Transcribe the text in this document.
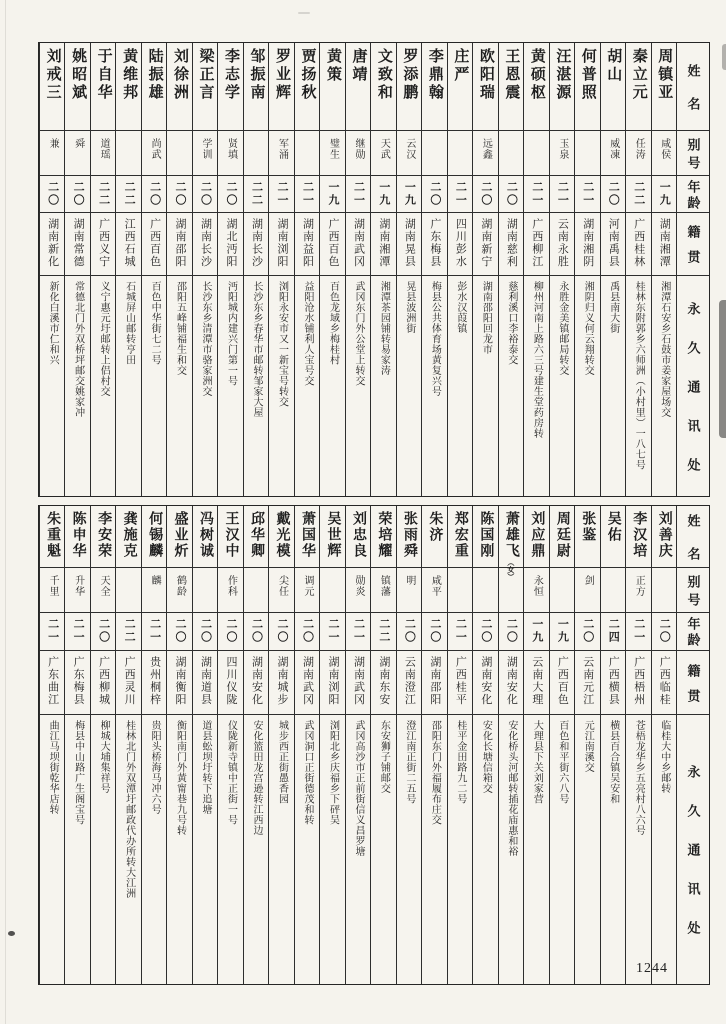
姓名
别号
年龄
籍贯
永久通讯处
周镇亚
咸侯
一九
湖南湘潭
湘潭石安乡石鼓市姜家屋场交
秦立元
任涛
二二
广西桂林
桂林东附郭乡六师洲（小村里）一八七号
胡山
威凍
二〇
河南禹县
禹县南大街
何普照
二一
湖南湘阴
湘阴归义何云翔转交
汪湛源
玉泉
二一
云南永胜
永胜金美镇邮局转交
黄硕枢
二一
广西柳江
柳州河南上路六三号建生堂药房转
王恩震
二〇
湖南慈利
慈利溪口李裕泰交
欧阳瑞
远鑫
二〇
湖南新宁
湖南邵阳回龙市
庄严
二一
四川彭水
彭水汉葭镇
李鼎翰
二〇
广东梅县
梅县公共体育场黄复兴号
罗添鹏
云汉
一九
湖南晃县
晃县波洲街
文致和
天武
一九
湖南湘潭
湘潭茶园铺转易家涛
唐靖
继勋
二一
湖南武冈
武冈东门外公堂上转交
黄策
璧生
一九
广西百色
百色龙域乡梅桂村
贾扬秋
二一
湖南益阳
益阳沧水铺利人宝号交
罗业辉
军涌
二一
湖南浏阳
浏阳永安市又一新宝号转交
邹振南
二二
湖南长沙
长沙东乡春华市邮转邹家大屋
李志学
贤填
二〇
湖北沔阳
沔阳城内建兴门第一号
梁正言
学训
二〇
湖南长沙
长沙东乡清潭市骆家洲交
刘徐洲
二〇
湖南邵阳
邵阳五峰铺福生和交
陆振雄
尚武
二〇
广西百色
百色中华街七二号
黄维邦
二二
江西石城
石城屏山邮转亨田
于自华
道瑶
二二
广西义宁
义宁惠元圩邮转上侣村交
姚昭斌
舜
二〇
湖南常德
常德北门外双桥坪邮交姚家冲
刘戒三
兼
二〇
湖南新化
新化白溪市仁和兴
姓名
别号
年龄
籍贯
永久通讯处
刘善庆
二〇
广西临桂
临桂大中乡邮转
李汉培
正方
二一
广西梧州
苍梧龙华乡五亮村八六号
吴佑
二四
广西横县
横县百合镇吴安和
张鉴
剑
二〇
云南元江
元江南溪交
周廷尉
一九
广西百色
百色和平街六八号
刘应鼎
永恒
一九
云南大理
大理县下关刘家营
萧雄飞（女）
二〇
湖南安化
安化桥头河邮转插花庙惠和裕
陈国刚
二〇
湖南安化
安化长塘信箱交
郑宏重
二一
广西桂平
桂平金田路九二号
朱济
咸平
二〇
湖南邵阳
邵阳东门外福履布庄交
张雨舜
明
二〇
云南澄江
澄江南正街二五号
荣培耀
镇藩
二二
湖南东安
东安狮子铺邮交
刘忠良
勋炎
二一
湖南武冈
武冈高沙市正前街信义昌罗塘
吴世辉
二一
湖南浏阳
浏阳北乡庆福乡下砰吴
萧国华
调元
二〇
湖南武冈
武冈洞口正街德茂和转
戴光模
尖任
二〇
湖南城步
城步西正街愚香园
邱华卿
二〇
湖南安化
安化篮田龙宫逊转江西边
王汉中
作科
二〇
四川仪陇
仪陇新寺镇中正街一号
冯树诚
二〇
湖南道县
道县蚣坝圩转下追塘
盛业炘
鹤龄
二〇
湖南衡阳
衡阳南门外黄甯巷九号转
何锡麟
麟
二一
贵州桐梓
贵阳头桥海马冲六号
龚施克
二二
广西灵川
桂林北门外双潭圩邮政代办所转大江洲
李安荣
天全
二〇
广西柳城
柳城大埔集祥号
陈申华
升华
二一
广东梅县
梅县中山路广生阁宝号
朱重魁
千里
二一
广东曲江
曲江马坝街乾华店转
1244
